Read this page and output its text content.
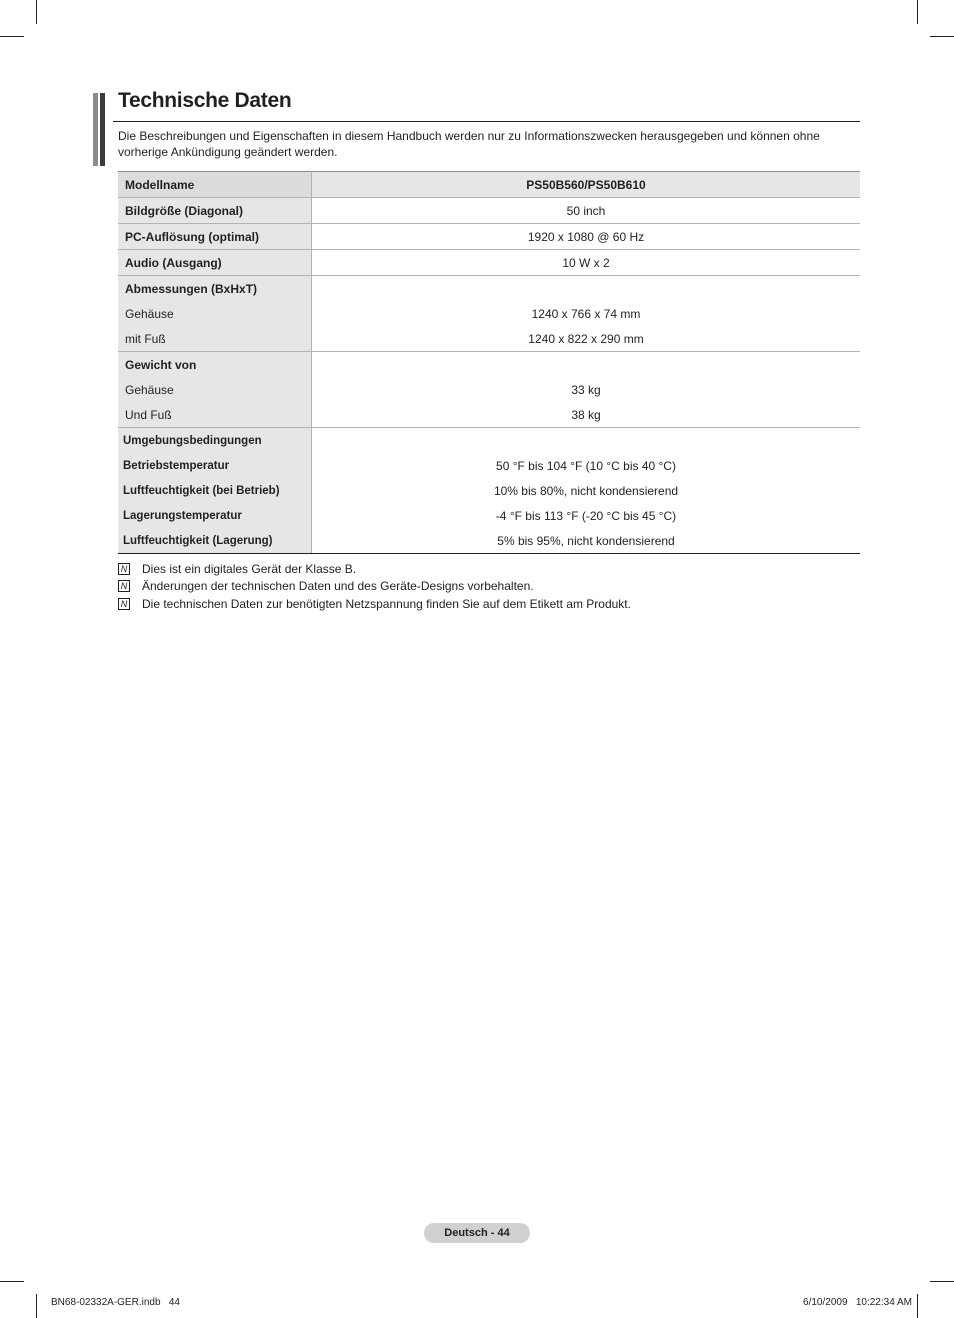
Technische Daten
Die Beschreibungen und Eigenschaften in diesem Handbuch werden nur zu Informationszwecken herausgegeben und können ohne vorherige Ankündigung geändert werden.
Modellname	PS50B560/PS50B610
Bildgröße (Diagonal)	50 inch
PC-Auflösung (optimal)	1920 x 1080 @ 60 Hz
Audio (Ausgang)	10 W x 2
Abmessungen (BxHxT)	
Gehäuse	1240 x 766 x 74 mm
mit Fuß	1240 x 822 x 290 mm
Gewicht von	
Gehäuse	33 kg
Und Fuß	38 kg
Umgebungsbedingungen	
Betriebstemperatur	50 °F bis 104 °F (10 °C bis 40 °C)
Luftfeuchtigkeit (bei Betrieb)	10% bis 80%, nicht kondensierend
Lagerungstemperatur	-4 °F bis 113 °F (-20 °C bis 45 °C)
Luftfeuchtigkeit (Lagerung)	5% bis 95%, nicht kondensierend
N Dies ist ein digitales Gerät der Klasse B.
N Änderungen der technischen Daten und des Geräte-Designs vorbehalten.
N Die technischen Daten zur benötigten Netzspannung finden Sie auf dem Etikett am Produkt.
Deutsch - 44
BN68-02332A-GER.indb   44	6/10/2009   10:22:34 AM
